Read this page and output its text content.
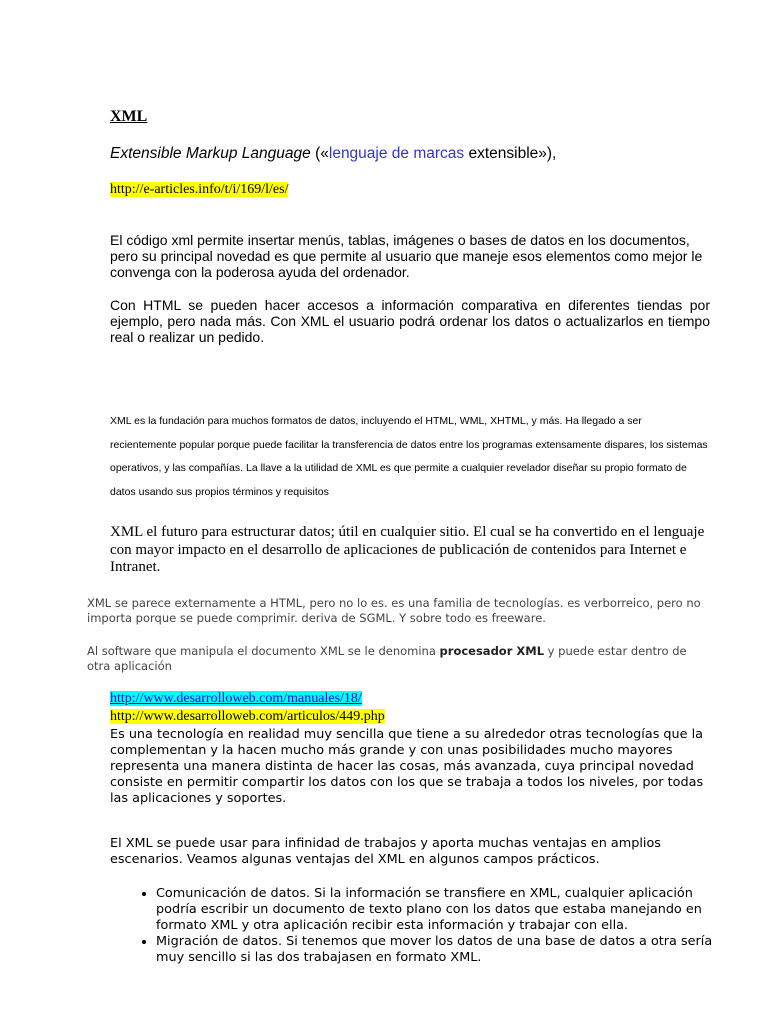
XML
Extensible Markup Language («lenguaje de marcas extensible»),
http://e-articles.info/t/i/169/l/es/
El código xml permite insertar menús, tablas, imágenes o bases de datos en los documentos, pero su principal novedad es que permite al usuario que maneje esos elementos como mejor le convenga con la poderosa ayuda del ordenador.
Con HTML se pueden hacer accesos a información comparativa en diferentes tiendas por ejemplo, pero nada más. Con XML el usuario podrá ordenar los datos o actualizarlos en tiempo real o realizar un pedido.
XML es la fundación para muchos formatos de datos, incluyendo el HTML, WML, XHTML, y más. Ha llegado a ser recientemente popular porque puede facilitar la transferencia de datos entre los programas extensamente dispares, los sistemas operativos, y las compañías. La llave a la utilidad de XML es que permite a cualquier revelador diseñar su propio formato de datos usando sus propios términos y requisitos
XML el futuro para estructurar datos; útil en cualquier sitio. El cual se ha convertido en el lenguaje con mayor impacto en el desarrollo de aplicaciones de publicación de contenidos para Internet e Intranet.
XML se parece externamente a HTML, pero no lo es. es una familia de tecnologías. es verborreico, pero no importa porque se puede comprimir. deriva de SGML. Y sobre todo es freeware.
Al software que manipula el documento XML se le denomina procesador XML y puede estar dentro de otra aplicación
http://www.desarrolloweb.com/manuales/18/
http://www.desarrolloweb.com/articulos/449.php
Es una tecnología en realidad muy sencilla que tiene a su alrededor otras tecnologías que la complementan y la hacen mucho más grande y con unas posibilidades mucho mayores representa una manera distinta de hacer las cosas, más avanzada, cuya principal novedad consiste en permitir compartir los datos con los que se trabaja a todos los niveles, por todas las aplicaciones y soportes.
El XML se puede usar para infinidad de trabajos y aporta muchas ventajas en amplios escenarios. Veamos algunas ventajas del XML en algunos campos prácticos.
• Comunicación de datos. Si la información se transfiere en XML, cualquier aplicación podría escribir un documento de texto plano con los datos que estaba manejando en formato XML y otra aplicación recibir esta información y trabajar con ella.
• Migración de datos. Si tenemos que mover los datos de una base de datos a otra sería muy sencillo si las dos trabajasen en formato XML.
